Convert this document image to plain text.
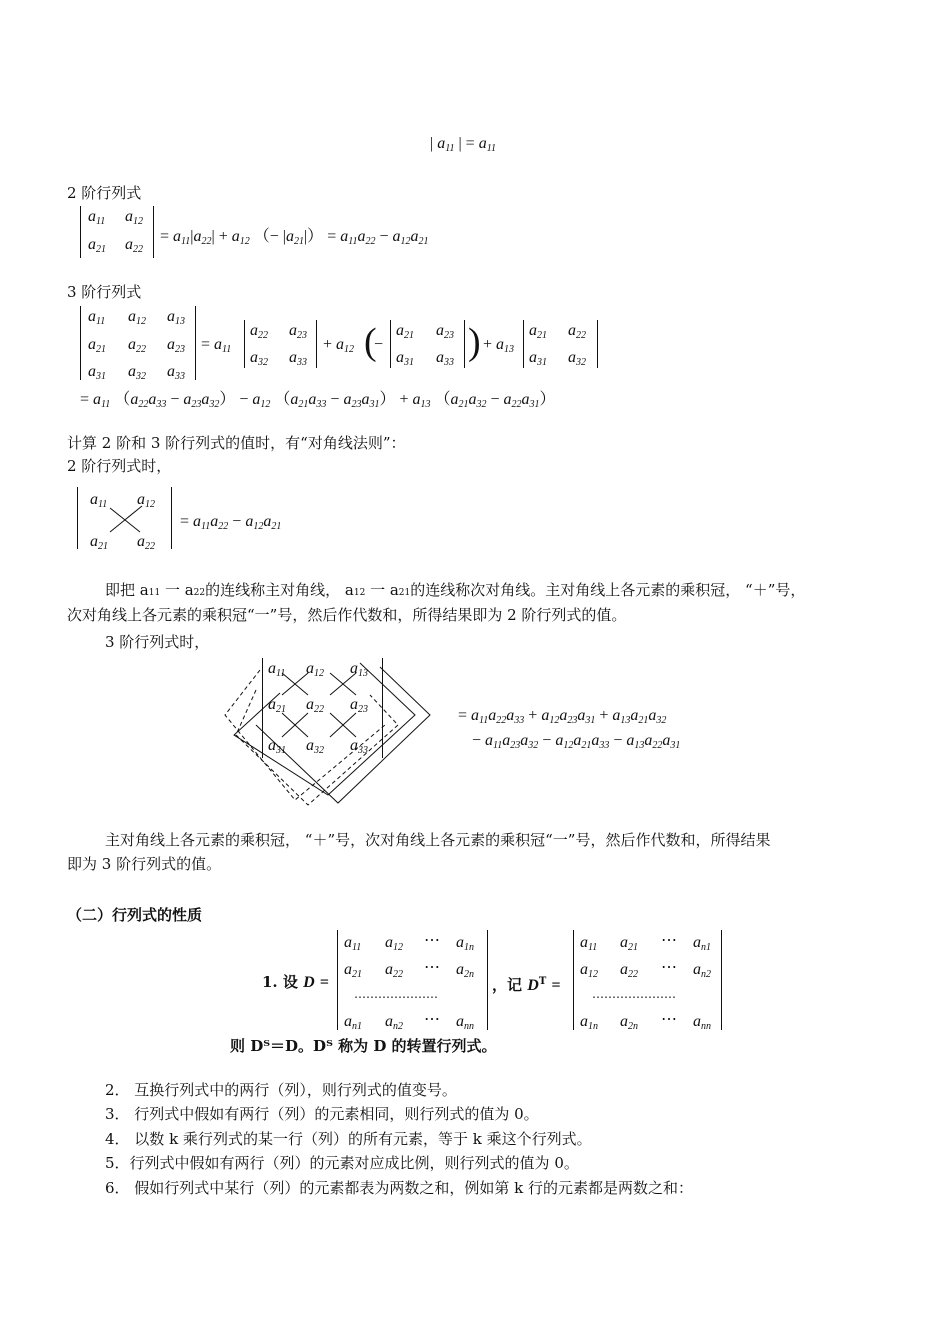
| $a_{11}$ | = $a_{11}$
2 阶行列式
$a_{11}$ $a_{12}$
$a_{21}$ $a_{22}$
= $a_{11}|a_{22}| + a_{12}$ （− $|a_{21}|) = a_{11}a_{22} - a_{12}a_{21}$
3 阶行列式
$a_{11}$ $a_{12}$ $a_{13}$
$a_{21}$ $a_{22}$ $a_{23}$
$a_{31}$ $a_{32}$ $a_{33}$
= $a_{11}$
$a_{22}$ $a_{23}$
$a_{32}$ $a_{33}$
+ $a_{12}$ (
−
$a_{21}$ $a_{23}$
$a_{31}$ $a_{33}$ ) + $a_{13}$
$a_{21}$ $a_{22}$
$a_{31}$ $a_{32}$
= $a_{11}$ $(a_{22}a_{33} - a_{23}a_{32}) - a_{12}$ $(a_{21}a_{33} - a_{23}a_{31}) + a_{13}$ $(a_{21}a_{32} - a_{22}a_{31})$
计算 2 阶和 3 阶行列式的值时，有“对角线法则”：
2 阶行列式时，
$a_{11}$ $a_{12}$
$a_{21}$ $a_{22}$
= $a_{11}a_{22} - a_{12}a_{21}$
即把 a11 一 a22的连线称主对角线， a12 一 a21的连线称次对角线。主对角线上各元素的乘积冠， “＋”号，
次对角线上各元素的乘积冠“一”号，然后作代数和，所得结果即为 2 阶行列式的值。
3 阶行列式时，
$a_{11}$ $a_{12}$ $a_{13}$
$a_{21}$ $a_{22}$ $a_{23}$
$a_{31}$ $a_{32}$ $a_{33}$
= $a_{11}a_{22}a_{33} + a_{12}a_{23}a_{31} + a_{13}a_{21}a_{32}$
− $a_{11}a_{23}a_{32} - a_{12}a_{21}a_{33} - a_{13}a_{22}a_{31}$
主对角线上各元素的乘积冠， “＋”号，次对角线上各元素的乘积冠“一”号，然后作代数和，所得结果
即为 3 阶行列式的值。
（二）行列式的性质
1. 设 D =
$a_{11}$ $a_{12}$ ⋯ $a_{1n}$
$a_{21}$ $a_{22}$ ⋯ $a_{2n}$
…………………
$a_{n1}$ $a_{n2}$ ⋯ $a_{nn}$
，记 $D^T$ =
$a_{11}$ $a_{21}$ ⋯ $a_{n1}$
$a_{12}$ $a_{22}$ ⋯ $a_{n2}$
…………………
$a_{1n}$ $a_{2n}$ ⋯ $a_{nn}$
则 Dᵀ＝D。Dᵀ 称为 D 的转置行列式。
2． 互换行列式中的两行（列），则行列式的值变号。
3． 行列式中假如有两行（列）的元素相同，则行列式的值为 0。
4． 以数 k 乘行列式的某一行（列）的所有元素，等于 k 乘这个行列式。
5．行列式中假如有两行（列）的元素对应成比例，则行列式的值为 0。
6． 假如行列式中某行（列）的元素都表为两数之和，例如第 k 行的元素都是两数之和：
